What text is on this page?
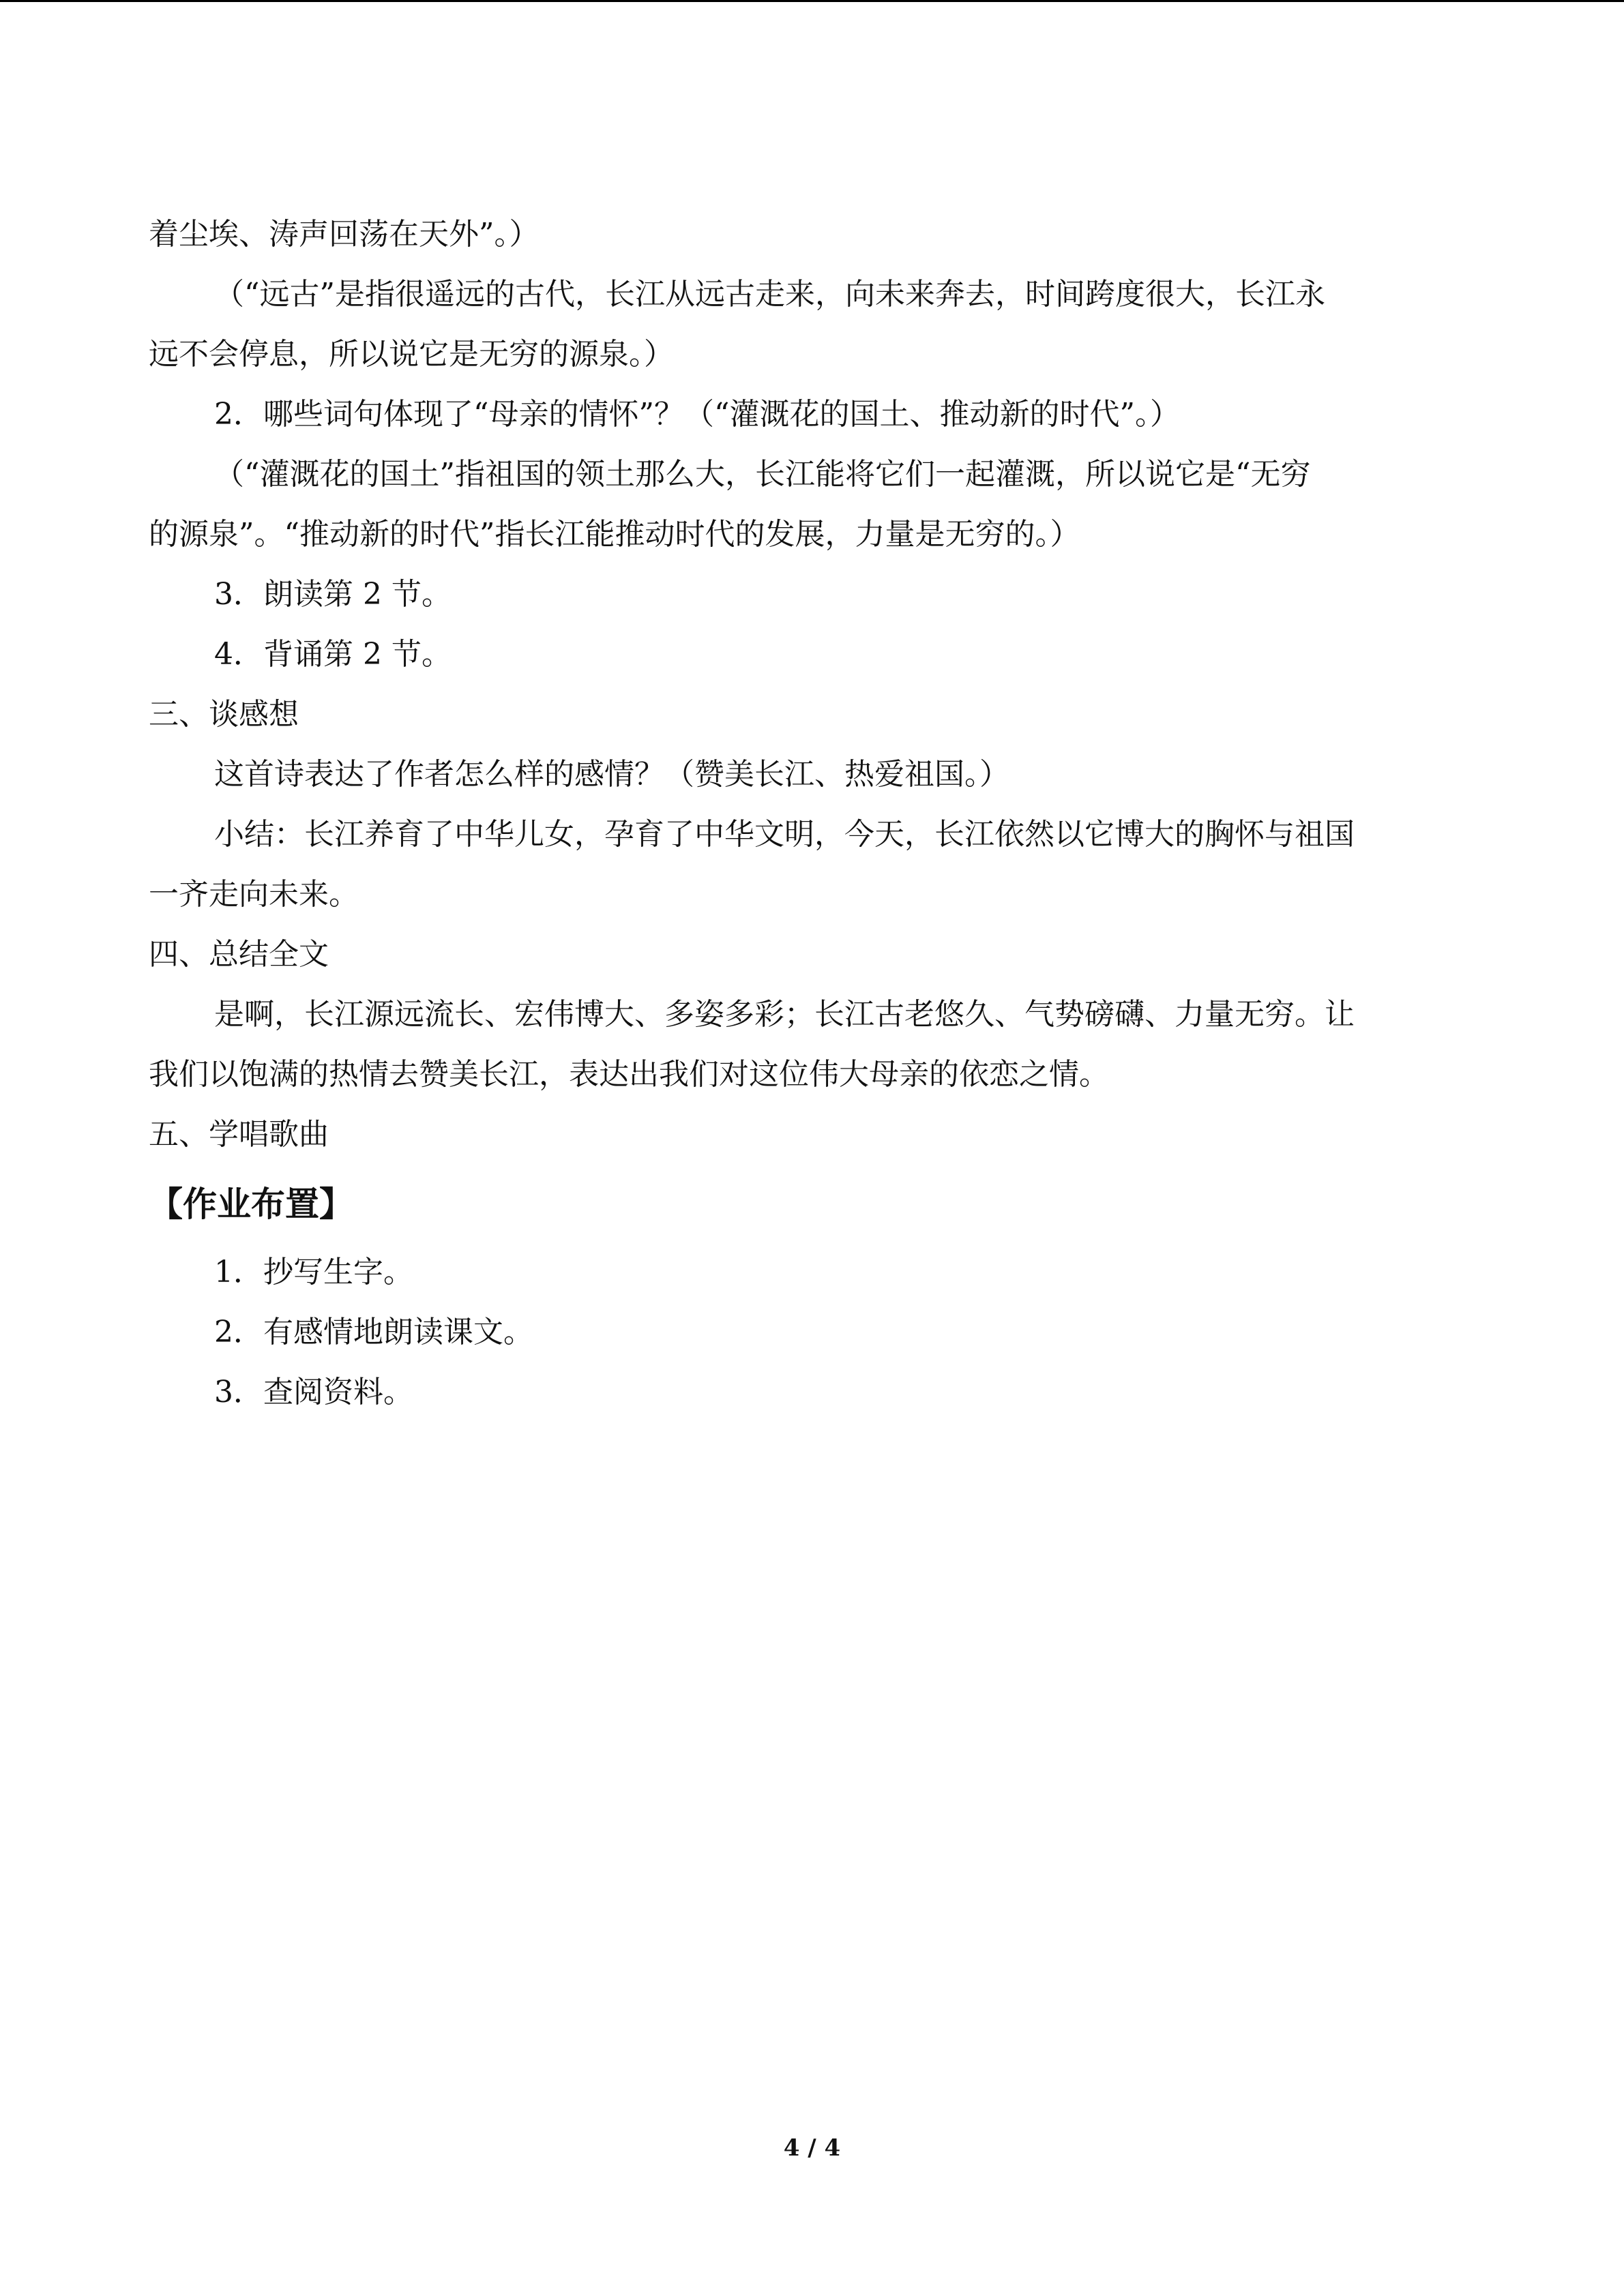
着尘埃、涛声回荡在天外”。）

（“远古”是指很遥远的古代，长江从远古走来，向未来奔去，时间跨度很大，长江永

远不会停息，所以说它是无穷的源泉。）

2．哪些词句体现了“母亲的情怀”？（“灌溉花的国土、推动新的时代”。）

（“灌溉花的国土”指祖国的领土那么大，长江能将它们一起灌溉，所以说它是“无穷

的源泉”。“推动新的时代”指长江能推动时代的发展，力量是无穷的。）

3．朗读第 2 节。

4．背诵第 2 节。

三、谈感想

这首诗表达了作者怎么样的感情？（赞美长江、热爱祖国。）

小结：长江养育了中华儿女，孕育了中华文明，今天，长江依然以它博大的胸怀与祖国

一齐走向未来。

四、总结全文

是啊，长江源远流长、宏伟博大、多姿多彩；长江古老悠久、气势磅礴、力量无穷。让

我们以饱满的热情去赞美长江，表达出我们对这位伟大母亲的依恋之情。

五、学唱歌曲

【作业布置】

1．抄写生字。

2．有感情地朗读课文。

3．查阅资料。

4 / 4
